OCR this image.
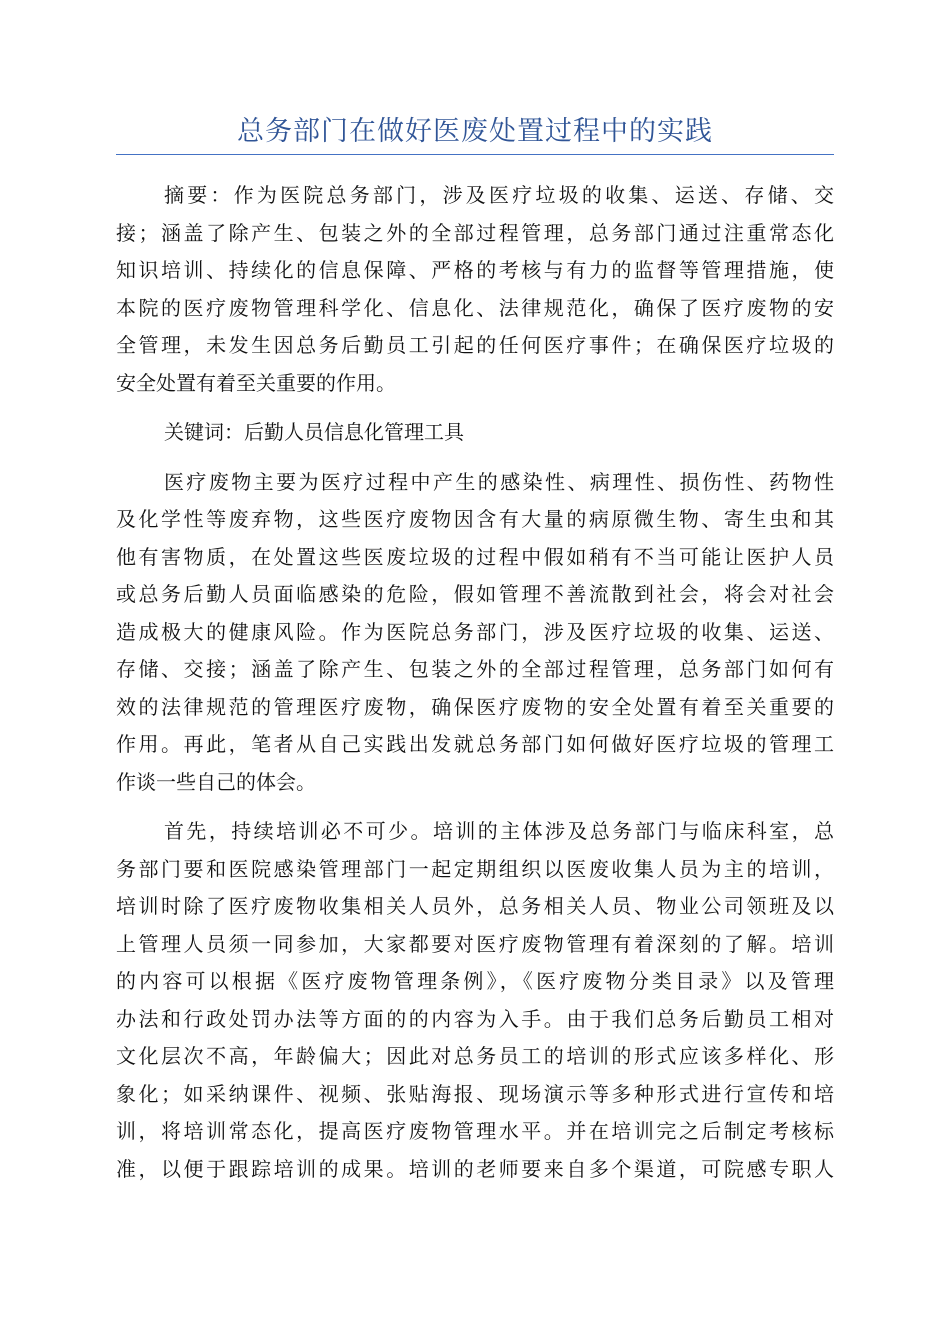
总务部门在做好医废处置过程中的实践
摘要：作为医院总务部门，涉及医疗垃圾的收集、运送、存储、交
接；涵盖了除产生、包装之外的全部过程管理，总务部门通过注重常态化
知识培训、持续化的信息保障、严格的考核与有力的监督等管理措施，使
本院的医疗废物管理科学化、信息化、法律规范化，确保了医疗废物的安
全管理，未发生因总务后勤员工引起的任何医疗事件；在确保医疗垃圾的
安全处置有着至关重要的作用。
关键词：后勤人员信息化管理工具
医疗废物主要为医疗过程中产生的感染性、病理性、损伤性、药物性
及化学性等废弃物，这些医疗废物因含有大量的病原微生物、寄生虫和其
他有害物质，在处置这些医废垃圾的过程中假如稍有不当可能让医护人员
或总务后勤人员面临感染的危险，假如管理不善流散到社会，将会对社会
造成极大的健康风险。作为医院总务部门，涉及医疗垃圾的收集、运送、
存储、交接；涵盖了除产生、包装之外的全部过程管理，总务部门如何有
效的法律规范的管理医疗废物，确保医疗废物的安全处置有着至关重要的
作用。再此，笔者从自己实践出发就总务部门如何做好医疗垃圾的管理工
作谈一些自己的体会。
首先，持续培训必不可少。培训的主体涉及总务部门与临床科室，总
务部门要和医院感染管理部门一起定期组织以医废收集人员为主的培训，
培训时除了医疗废物收集相关人员外，总务相关人员、物业公司领班及以
上管理人员须一同参加，大家都要对医疗废物管理有着深刻的了解。培训
的内容可以根据《医疗废物管理条例》，《医疗废物分类目录》以及管理
办法和行政处罚办法等方面的的内容为入手。由于我们总务后勤员工相对
文化层次不高，年龄偏大；因此对总务员工的培训的形式应该多样化、形
象化；如采纳课件、视频、张贴海报、现场演示等多种形式进行宣传和培
训，将培训常态化，提高医疗废物管理水平。并在培训完之后制定考核标
准，以便于跟踪培训的成果。培训的老师要来自多个渠道，可院感专职人
